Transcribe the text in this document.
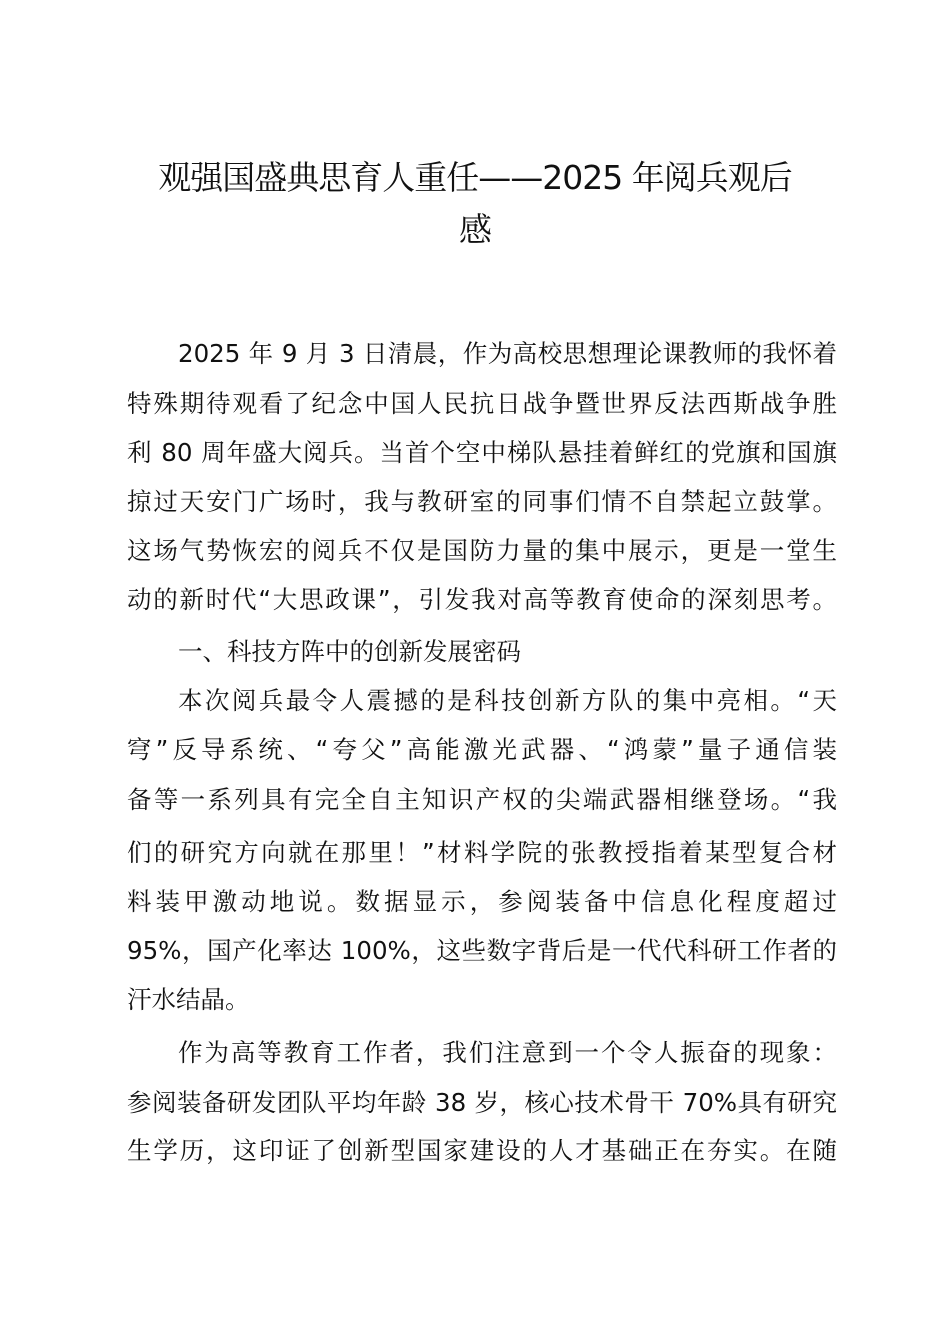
观强国盛典思育人重任——2025 年阅兵观后
感
2025 年 9 月 3 日清晨，作为高校思想理论课教师的我怀着
特殊期待观看了纪念中国人民抗日战争暨世界反法西斯战争胜
利 80 周年盛大阅兵。当首个空中梯队悬挂着鲜红的党旗和国旗
掠过天安门广场时，我与教研室的同事们情不自禁起立鼓掌。
这场气势恢宏的阅兵不仅是国防力量的集中展示，更是一堂生
动的新时代“大思政课”，引发我对高等教育使命的深刻思考。
一、科技方阵中的创新发展密码
本次阅兵最令人震撼的是科技创新方队的集中亮相。“天
穹”反导系统、“夸父”高能激光武器、“鸿蒙”量子通信装
备等一系列具有完全自主知识产权的尖端武器相继登场。“我
们的研究方向就在那里！”材料学院的张教授指着某型复合材
料装甲激动地说。数据显示，参阅装备中信息化程度超过
95%，国产化率达 100%，这些数字背后是一代代科研工作者的
汗水结晶。
作为高等教育工作者，我们注意到一个令人振奋的现象：
参阅装备研发团队平均年龄 38 岁，核心技术骨干 70%具有研究
生学历，这印证了创新型国家建设的人才基础正在夯实。在随
